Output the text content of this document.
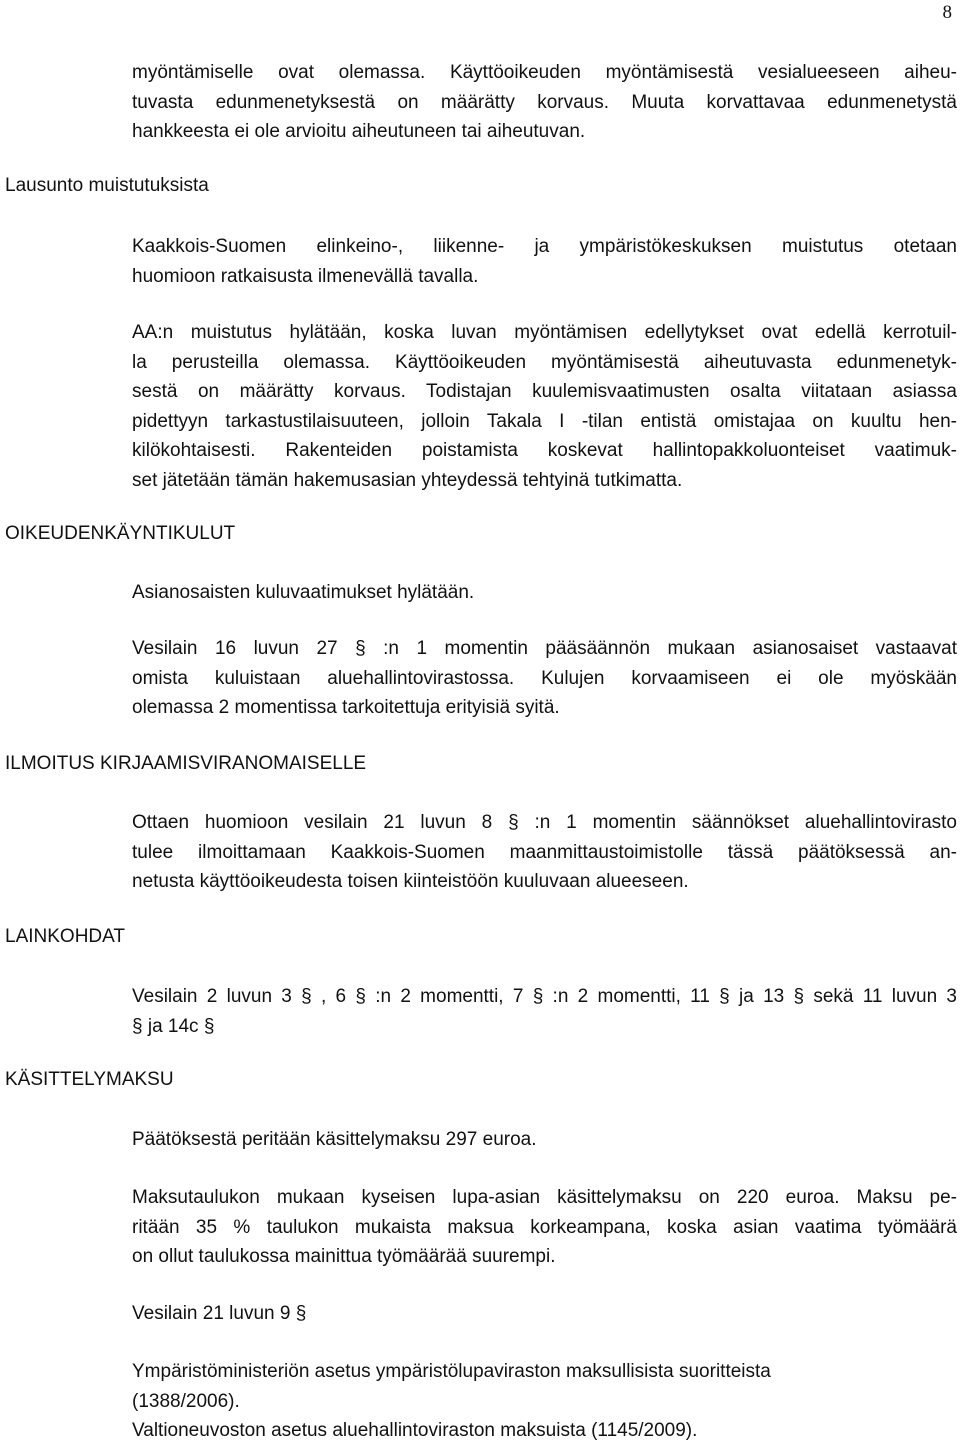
8
Lausunto muistutuksista
OIKEUDENKÄYNTIKULUT
ILMOITUS KIRJAAMISVIRANOMAISELLE
LAINKOHDAT
KÄSITTELYMAKSU
myöntämiselle ovat olemassa. Käyttöoikeuden myöntämisestä vesialueeseen aiheu-
tuvasta edunmenetyksestä on määrätty korvaus. Muuta korvattavaa edunmenetystä
hankkeesta ei ole arvioitu aiheutuneen tai aiheutuvan.
Kaakkois-Suomen elinkeino-, liikenne- ja ympäristökeskuksen muistutus otetaan
huomioon ratkaisusta ilmenevällä tavalla.
AA:n muistutus hylätään, koska luvan myöntämisen edellytykset ovat edellä kerrotuil-
la perusteilla olemassa. Käyttöoikeuden myöntämisestä aiheutuvasta edunmenetyk-
sestä on määrätty korvaus. Todistajan kuulemisvaatimusten osalta viitataan asiassa
pidettyyn tarkastustilaisuuteen, jolloin Takala I -tilan entistä omistajaa on kuultu hen-
kilökohtaisesti. Rakenteiden poistamista koskevat hallintopakkoluonteiset vaatimuk-
set jätetään tämän hakemusasian yhteydessä tehtyinä tutkimatta.
Asianosaisten kuluvaatimukset hylätään.
Vesilain 16 luvun 27 § :n 1 momentin pääsäännön mukaan asianosaiset vastaavat
omista kuluistaan aluehallintovirastossa. Kulujen korvaamiseen ei ole myöskään
olemassa 2 momentissa tarkoitettuja erityisiä syitä.
Ottaen huomioon vesilain 21 luvun 8 § :n 1 momentin säännökset aluehallintovirasto
tulee ilmoittamaan Kaakkois-Suomen maanmittaustoimistolle tässä päätöksessä an-
netusta käyttöoikeudesta toisen kiinteistöön kuuluvaan alueeseen.
Vesilain 2 luvun 3 § , 6 § :n 2 momentti, 7 § :n 2 momentti, 11 § ja 13 § sekä 11 luvun 3
§ ja 14c §
Päätöksestä peritään käsittelymaksu 297 euroa.
Maksutaulukon mukaan kyseisen lupa-asian käsittelymaksu on 220 euroa. Maksu pe-
ritään 35 % taulukon mukaista maksua korkeampana, koska asian vaatima työmäärä
on ollut taulukossa mainittua työmäärää suurempi.
Vesilain 21 luvun 9 §
Ympäristöministeriön asetus ympäristölupaviraston maksullisista suoritteista
(1388/2006).
Valtioneuvoston asetus aluehallintoviraston maksuista (1145/2009).
